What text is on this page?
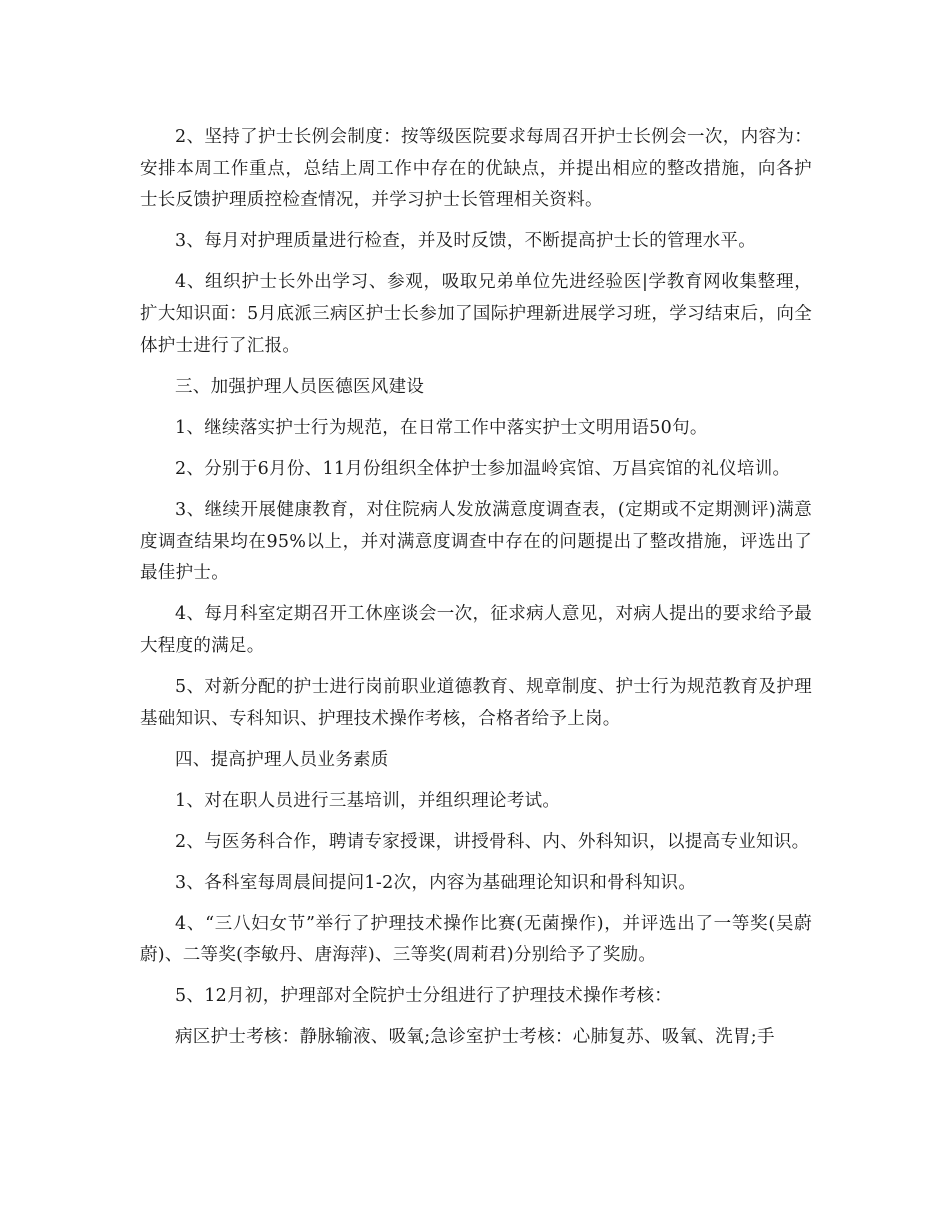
2、坚持了护士长例会制度：按等级医院要求每周召开护士长例会一次，内容为：安排本周工作重点，总结上周工作中存在的优缺点，并提出相应的整改措施，向各护士长反馈护理质控检查情况，并学习护士长管理相关资料。

3、每月对护理质量进行检查，并及时反馈，不断提高护士长的管理水平。

4、组织护士长外出学习、参观，吸取兄弟单位先进经验医|学教育网收集整理，扩大知识面：5月底派三病区护士长参加了国际护理新进展学习班，学习结束后，向全体护士进行了汇报。

三、加强护理人员医德医风建设

1、继续落实护士行为规范，在日常工作中落实护士文明用语50句。

2、分别于6月份、11月份组织全体护士参加温岭宾馆、万昌宾馆的礼仪培训。

3、继续开展健康教育，对住院病人发放满意度调查表，(定期或不定期测评)满意度调查结果均在95%以上，并对满意度调查中存在的问题提出了整改措施，评选出了最佳护士。

4、每月科室定期召开工休座谈会一次，征求病人意见，对病人提出的要求给予最大程度的满足。

5、对新分配的护士进行岗前职业道德教育、规章制度、护士行为规范教育及护理基础知识、专科知识、护理技术操作考核，合格者给予上岗。

四、提高护理人员业务素质

1、对在职人员进行三基培训，并组织理论考试。

2、与医务科合作，聘请专家授课，讲授骨科、内、外科知识，以提高专业知识。

3、各科室每周晨间提问1-2次，内容为基础理论知识和骨科知识。

4、“三八妇女节”举行了护理技术操作比赛(无菌操作)，并评选出了一等奖(吴蔚蔚)、二等奖(李敏丹、唐海萍)、三等奖(周莉君)分别给予了奖励。

5、12月初，护理部对全院护士分组进行了护理技术操作考核：

病区护士考核：静脉输液、吸氧;急诊室护士考核：心肺复苏、吸氧、洗胃;手
